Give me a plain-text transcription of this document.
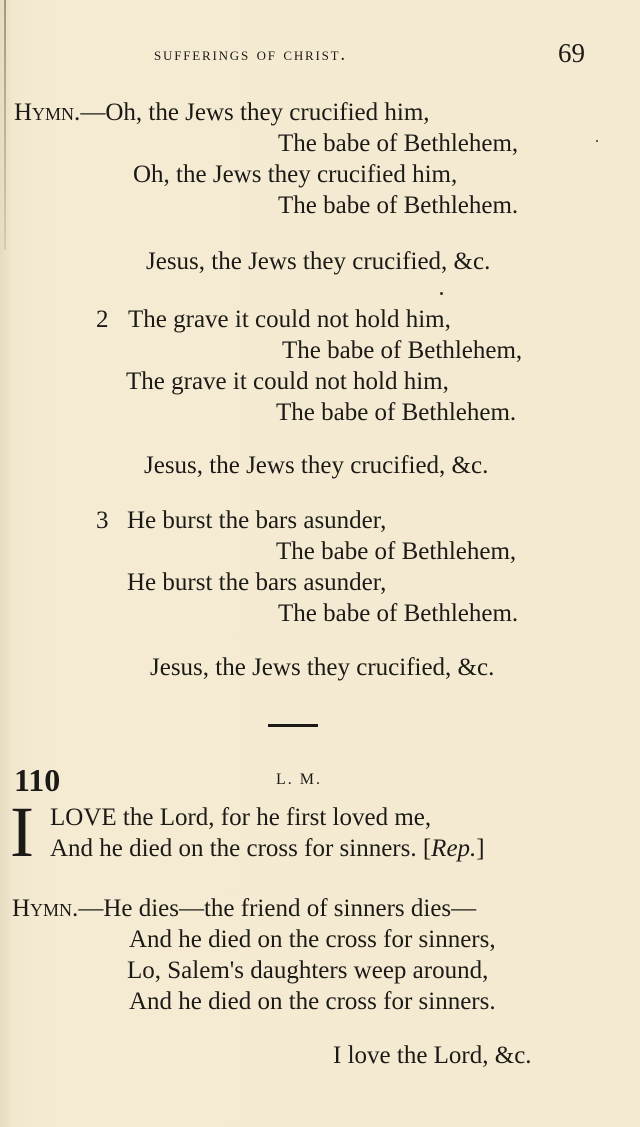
sufferings of christ.	69
Hymn.—Oh, the Jews they crucified him,
The babe of Bethlehem,
Oh, the Jews they crucified him,
The babe of Bethlehem.
Jesus, the Jews they crucified, &c.
2 The grave it could not hold him,
The babe of Bethlehem,
The grave it could not hold him,
The babe of Bethlehem.
Jesus, the Jews they crucified, &c.
3 He burst the bars asunder,
The babe of Bethlehem,
He burst the bars asunder,
The babe of Bethlehem.
Jesus, the Jews they crucified, &c.
110	L. M.
I LOVE the Lord, for he first loved me,
And he died on the cross for sinners. [Rep.]
Hymn.—He dies—the friend of sinners dies—
And he died on the cross for sinners,
Lo, Salem's daughters weep around,
And he died on the cross for sinners.
I love the Lord, &c.
